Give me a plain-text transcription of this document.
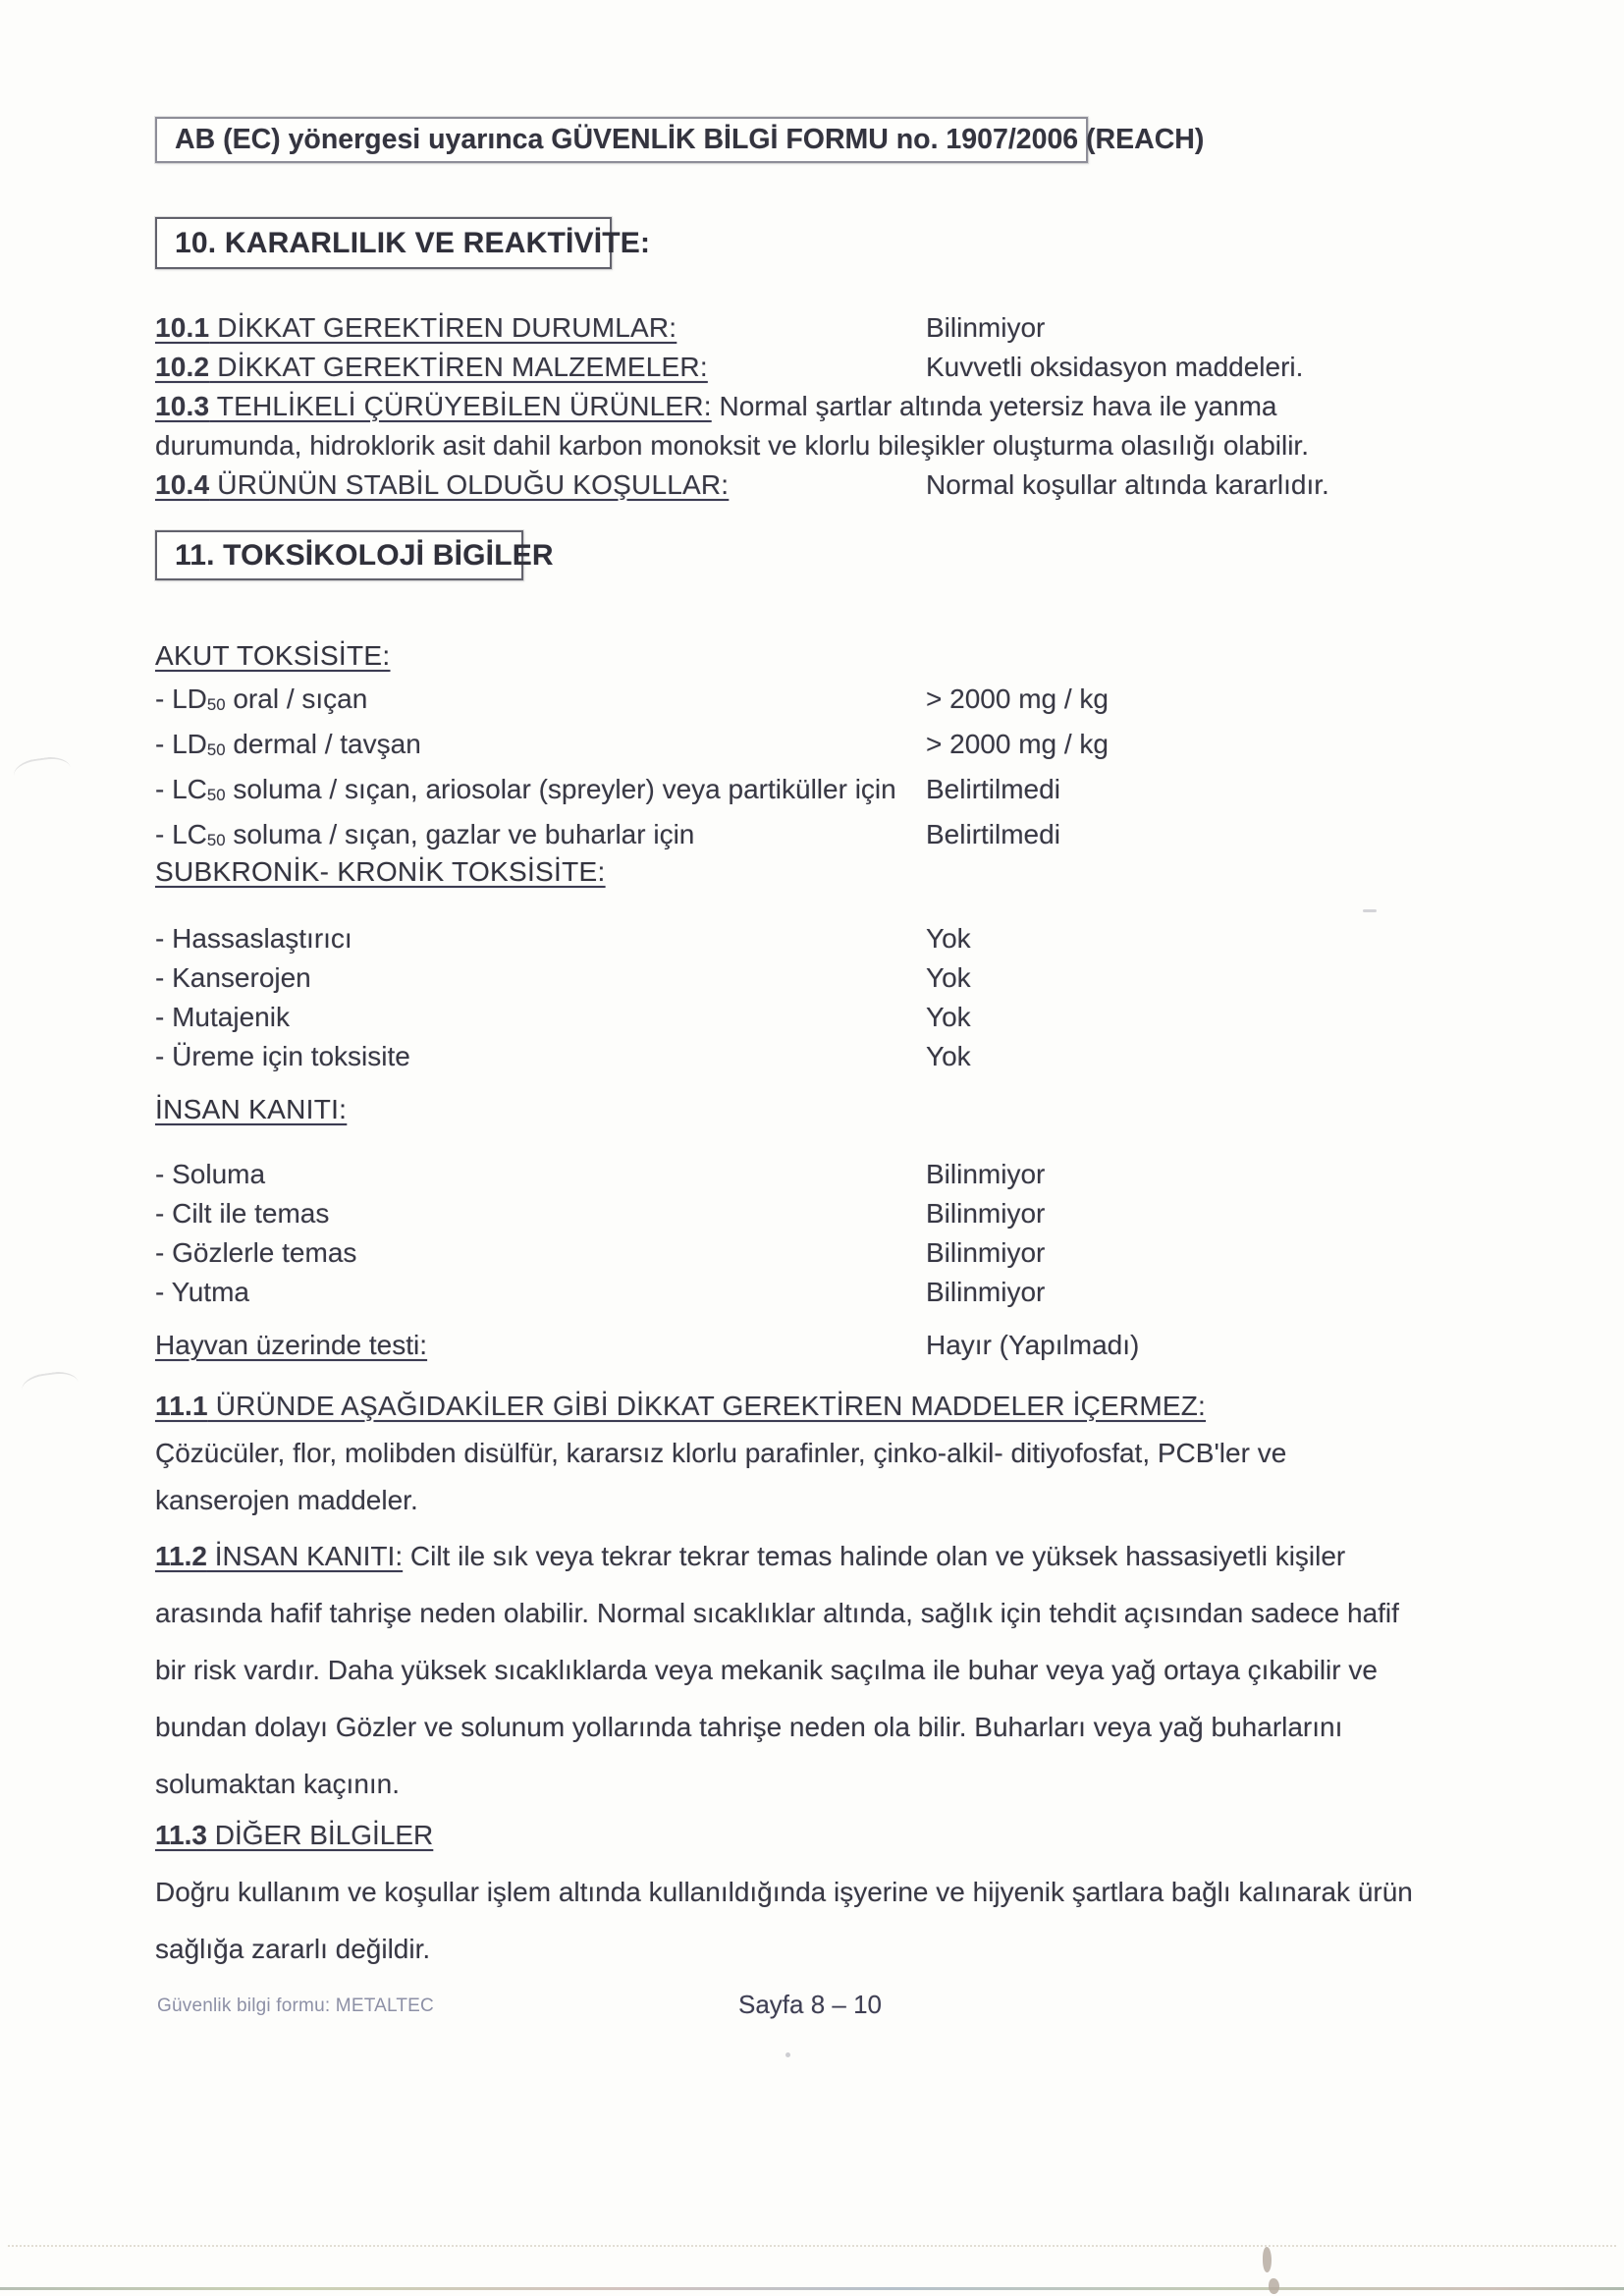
AB (EC) yönergesi uyarınca GÜVENLİK BİLGİ FORMU no. 1907/2006 (REACH)
10. KARARLILIK VE REAKTİVİTE:
10.1 DİKKAT GEREKTİREN DURUMLAR:	Bilinmiyor
10.2 DİKKAT GEREKTİREN MALZEMELER:	Kuvvetli oksidasyon maddeleri.

10.3 TEHLİKELİ ÇÜRÜYEBİLEN ÜRÜNLER: Normal şartlar altında yetersiz hava ile yanma durumunda, hidroklorik asit dahil karbon monoksit ve klorlu bileşikler oluşturma olasılığı olabilir.

10.4 ÜRÜNÜN STABİL OLDUĞU KOŞULLAR:	Normal koşullar altında kararlıdır.
11. TOKSİKOLOJİ BİGİLER
AKUT TOKSİSİTE:
- LD50 oral / sıçan	> 2000 mg / kg
- LD50 dermal / tavşan	> 2000 mg / kg
- LC50 soluma / sıçan, ariosolar (spreyler) veya partiküller için Belirtilmedi
- LC50 soluma / sıçan, gazlar ve buharlar için	Belirtilmedi
SUBKRONİK- KRONİK TOKSİSİTE:
- Hassaslaştırıcı	Yok
- Kanserojen	Yok
- Mutajenik	Yok
- Üreme için toksisite	Yok
İNSAN KANITI:
- Soluma	Bilinmiyor
- Cilt ile temas	Bilinmiyor
- Gözlerle temas	Bilinmiyor
- Yutma	Bilinmiyor
Hayvan üzerinde testi:	Hayır (Yapılmadı)

11.1 ÜRÜNDE AŞAĞIDAKİLER GİBİ DİKKAT GEREKTİREN MADDELER İÇERMEZ:
Çözücüler, flor, molibden disülfür, kararsız klorlu parafinler, çinko-alkil- ditiyofosfat, PCB'ler ve kanserojen maddeler.

11.2 İNSAN KANITI: Cilt ile sık veya tekrar tekrar temas halinde olan ve yüksek hassasiyetli kişiler arasında hafif tahrişe neden olabilir. Normal sıcaklıklar altında, sağlık için tehdit açısından sadece hafif bir risk vardır. Daha yüksek sıcaklıklarda veya mekanik saçılma ile buhar veya yağ ortaya çıkabilir ve bundan dolayı Gözler ve solunum yollarında tahrişe neden ola bilir. Buharları veya yağ buharlarını solumaktan kaçının.

11.3 DİĞER BİLGİLER
Doğru kullanım ve koşullar işlem altında kullanıldığında işyerine ve hijyenik şartlara bağlı kalınarak ürün sağlığa zararlı değildir.

Güvenlik bilgi formu: METALTEC	Sayfa 8 – 10
